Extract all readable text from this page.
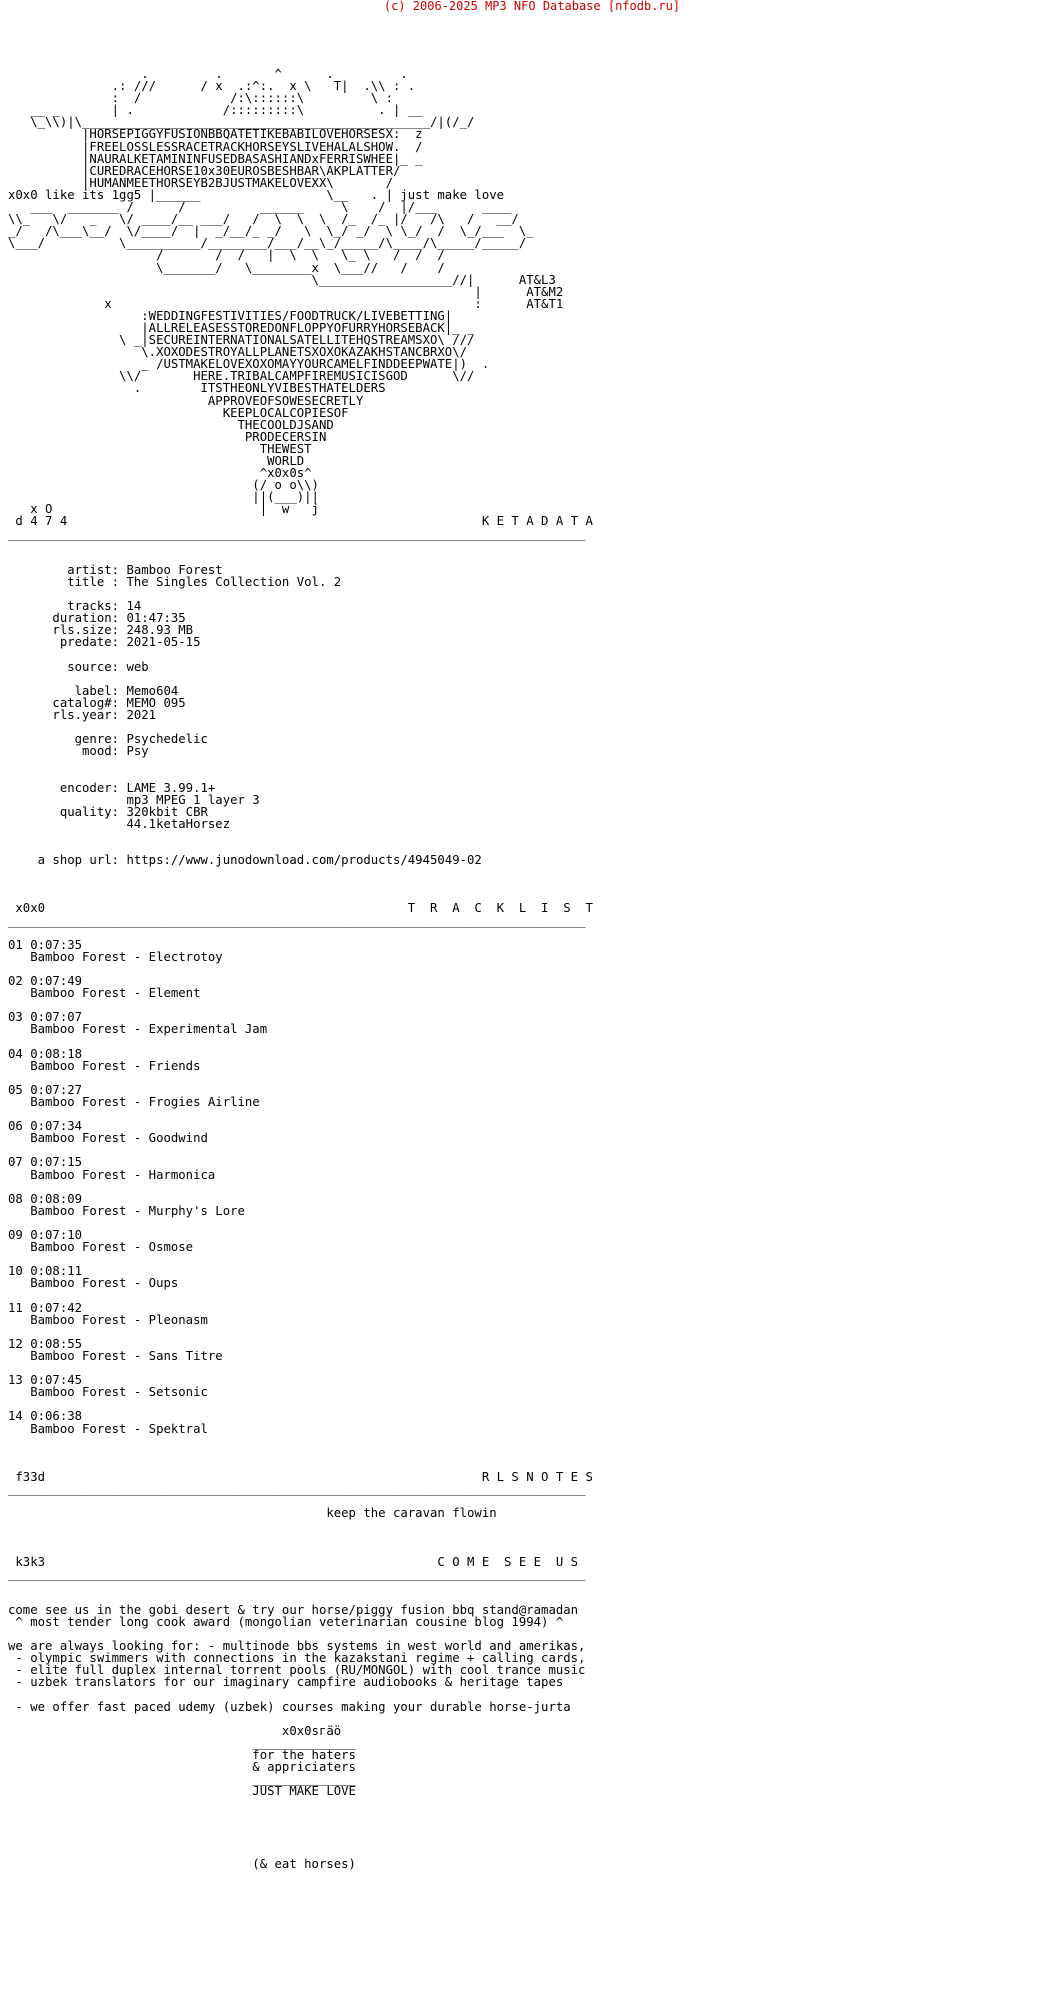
(c) 2006-2025 MP3 NFO Database [nfodb.ru]
.         .       ^      .         .
.: ///      / x  .:^:.  x \   T|  .\\ : .
:  /            /:\::::::\         \ :
__ _       | .            /:::::::::\          . | __
\_\\)|\_______________________________________________/|(/_/
|HORSEPIGGYFUSIONBBQATETIKEBABILOVEHORSESX:  z
|FREELOSSLESSRACETRACKHORSEYSLIVEHALALSHOW.  /
|NAURALKETAMININFUSEDBASASHIANDxFERRISWHEE|_ _
|CUREDRACEHORSE10x30EUROSBESHBAR\AKPLATTER/
|HUMANMEETHORSEYB2BJUSTMAKELOVEXX\       /
x0x0 like its 1gg5 |______                 \__   . | just make love
___  _______ /      /          ______     \    /  |/___      ____
\\_   \/   _   \/ ____/__ ___/   /  \  \  \  /_  /_ |/   /\   /   __/
_/   /\___\__/  \/____/  |  _/__/_ _/   \  \_/ _/  \ \_/  /  \_/___  \_
\___/          \__________/________/___/__\_/_____/\____/\_____/_____/
/       /  /   |  \  \   \_ \   /  /  /
\_______/   \________x  \___//   /    /
\__________________//|      AT&L3
|      AT&M2
x                                                 :      AT&T1
:WEDDINGFESTIVITIES/FOODTRUCK/LIVEBETTING|
|ALLRELEASESSTOREDONFLOPPYOFURRYHORSEBACK|_ _
\ _|SECUREINTERNATIONALSATELLITEHQSTREAMSXO\ ///
\.XOXODESTROYALLPLANETSXOXOKAZAKHSTANCBRXO\/
_ /USTMAKELOVEXOXOMAYYOURCAMELFINDDEEPWATE|)  .
\\/       HERE.TRIBALCAMPFIREMUSICISGOD      \//
.        ITSTHEONLYVIBESTHATELDERS
APPROVEOFSOWESECRETLY
KEEPLOCALCOPIESOF
THECOOLDJSAND
PRODECERSIN
THEWEST
WORLD
^x0x0s^
(/ o o\\)
||(___)||
x O                            |  w   j
d 4 7 4                                                        K E T A D A T A
______________________________________________________________________________

artist: Bamboo Forest
title : The Singles Collection Vol. 2

tracks: 14
duration: 01:47:35
rls.size: 248.93 MB
predate: 2021-05-15

source: web

label: Memo604
catalog#: MEMO 095
rls.year: 2021

genre: Psychedelic
mood: Psy

encoder: LAME 3.99.1+
mp3 MPEG 1 layer 3
quality: 320kbit CBR
44.1ketaHorsez

a shop url: https://www.junodownload.com/products/4945049-02

x0x0                                                 T  R  A  C  K  L  I  S  T
______________________________________________________________________________

01 0:07:35
Bamboo Forest - Electrotoy

02 0:07:49
Bamboo Forest - Element

03 0:07:07
Bamboo Forest - Experimental Jam

04 0:08:18
Bamboo Forest - Friends

05 0:07:27
Bamboo Forest - Frogies Airline

06 0:07:34
Bamboo Forest - Goodwind

07 0:07:15
Bamboo Forest - Harmonica

08 0:08:09
Bamboo Forest - Murphy's Lore

09 0:07:10
Bamboo Forest - Osmose

10 0:08:11
Bamboo Forest - Oups

11 0:07:42
Bamboo Forest - Pleonasm

12 0:08:55
Bamboo Forest - Sans Titre

13 0:07:45
Bamboo Forest - Setsonic

14 0:06:38
Bamboo Forest - Spektral

f33d                                                           R L S N O T E S
______________________________________________________________________________

keep the caravan flowin

k3k3                                                     C O M E  S E E  U S
______________________________________________________________________________

come see us in the gobi desert & try our horse/piggy fusion bbq stand@ramadan
^ most tender long cook award (mongolian veterinarian cousine blog 1994) ^

we are always looking for: - multinode bbs systems in west world and amerikas,
- olympic swimmers with connections in the kazakstani regime + calling cards,
- elite full duplex internal torrent pools (RU/MONGOL) with cool trance music
- uzbek translators for our imaginary campfire audiobooks & heritage tapes

- we offer fast paced udemy (uzbek) courses making your durable horse-jurta

x0x0sгäö
______________
for the haters
& appriciaters
______________
JUST MAKE LOVE

(& eat horses)
